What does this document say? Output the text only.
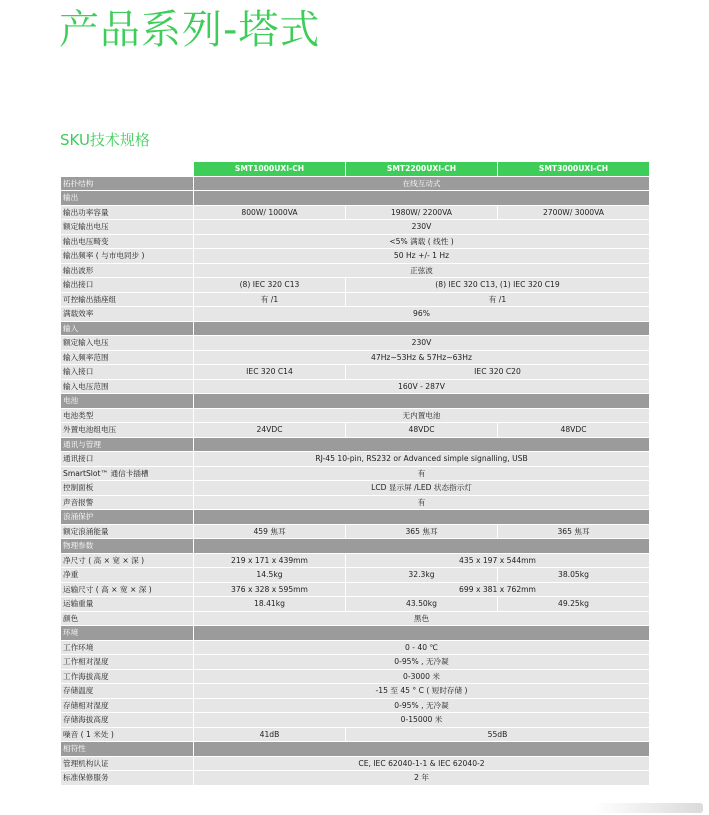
产品系列-塔式
SKU技术规格
	SMT1000UXI-CH	SMT2200UXI-CH	SMT3000UXI-CH
拓扑结构	在线互动式		
输出			
输出功率容量	800W/ 1000VA	1980W/ 2200VA	2700W/ 3000VA
额定输出电压	230V		
输出电压畸变	<5% 满载 ( 线性 )		
输出频率 ( 与市电同步 )	50 Hz +/- 1 Hz		
输出波形	正弦波		
输出接口	(8) IEC 320 C13	(8) IEC 320 C13, (1) IEC 320 C19	
可控输出插座组	有 /1	有 /1	
满载效率	96%		
输入			
额定输入电压	230V		
输入频率范围	47Hz~53Hz & 57Hz~63Hz		
输入接口	IEC 320 C14	IEC 320 C20	
输入电压范围	160V - 287V		
电池			
电池类型	无内置电池		
外置电池组电压	24VDC	48VDC	48VDC
通讯与管理			
通讯接口	RJ-45 10-pin, RS232 or Advanced simple signalling, USB		
SmartSlot™ 通信卡插槽	有		
控制面板	LCD 显示屏 /LED 状态指示灯		
声音报警	有		
浪涌保护			
额定浪涌能量	459 焦耳	365 焦耳	365 焦耳
物理参数			
净尺寸 ( 高 × 宽 × 深 )	219 x 171 x 439mm	435 x 197 x 544mm	
净重	14.5kg	32.3kg	38.05kg
运输尺寸 ( 高 × 宽 × 深 )	376 x 328 x 595mm	699 x 381 x 762mm	
运输重量	18.41kg	43.50kg	49.25kg
颜色	黑色		
环境			
工作环境	0 - 40 ℃		
工作相对湿度	0-95% , 无冷凝		
工作海拔高度	0-3000 米		
存储温度	-15 至 45 ° C ( 短时存储 )		
存储相对湿度	0-95% , 无冷凝		
存储海拔高度	0-15000 米		
噪音 ( 1 米处 )	41dB	55dB	
相符性			
管理机构认证	CE, IEC 62040-1-1 & IEC 62040-2		
标准保修服务	2 年		
